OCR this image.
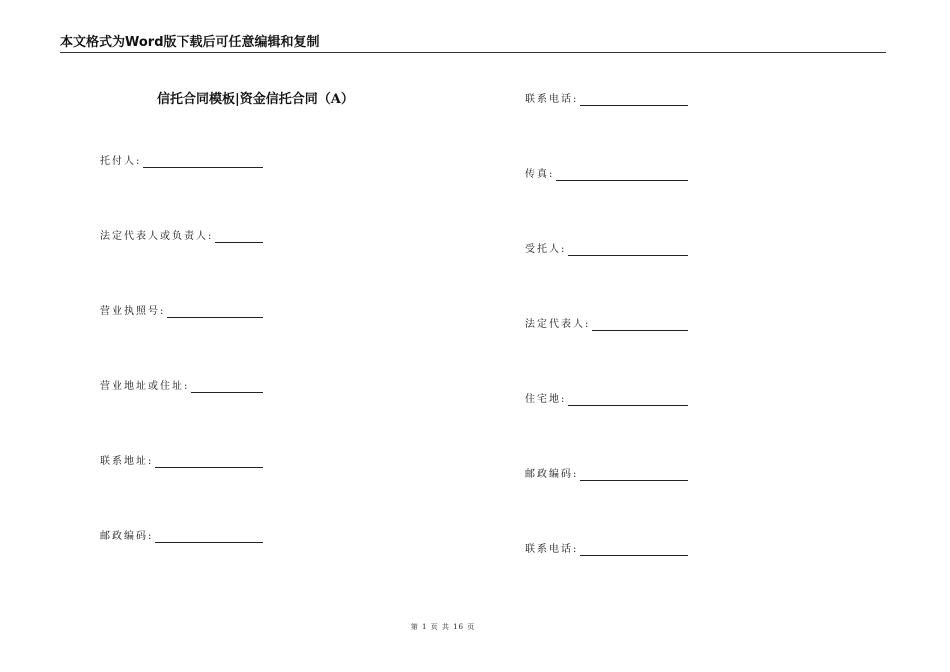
本文格式为Word版下载后可任意编辑和复制
信托合同模板|资金信托合同（A）
托付人:
法定代表人或负责人:
营业执照号:
营业地址或住址:
联系地址:
邮政编码:
联系电话:
传真:
受托人:
法定代表人:
住宅地:
邮政编码:
联系电话:
第 1 页 共 16 页
